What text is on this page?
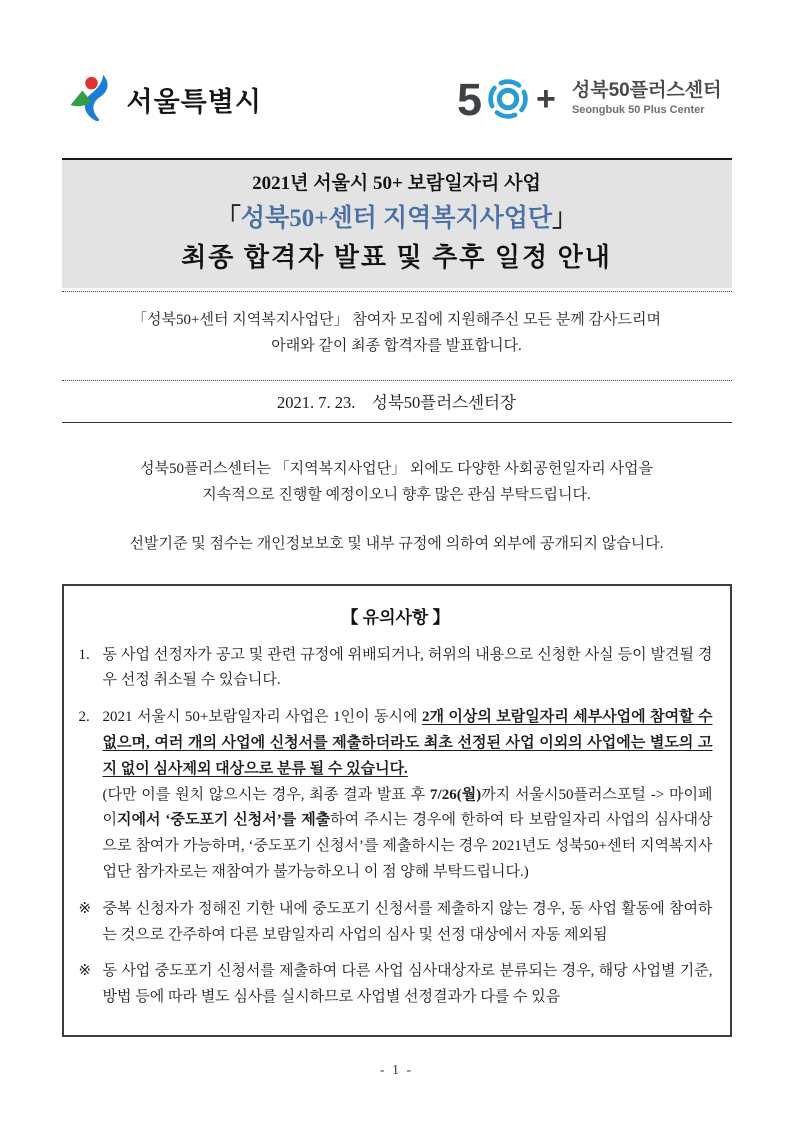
서울특별시	5 + 성북50플러스센터
Seongbuk 50 Plus Center
2021년 서울시 50+ 보람일자리 사업
「성북50+센터 지역복지사업단」
최종 합격자 발표 및 추후 일정 안내
「성북50+센터 지역복지사업단」 참여자 모집에 지원해주신 모든 분께 감사드리며
아래와 같이 최종 합격자를 발표합니다.
2021. 7. 23.    성북50플러스센터장
성북50플러스센터는 「지역복지사업단」 외에도 다양한 사회공헌일자리 사업을
지속적으로 진행할 예정이오니 향후 많은 관심 부탁드립니다.
선발기준 및 점수는 개인정보보호 및 내부 규정에 의하여 외부에 공개되지 않습니다.
【 유의사항 】
1. 동 사업 선정자가 공고 및 관련 규정에 위배되거나, 허위의 내용으로 신청한 사실 등이 발견될 경우 선정 취소될 수 있습니다.
2. 2021 서울시 50+보람일자리 사업은 1인이 동시에 2개 이상의 보람일자리 세부사업에 참여할 수 없으며, 여러 개의 사업에 신청서를 제출하더라도 최초 선정된 사업 이외의 사업에는 별도의 고지 없이 심사제외 대상으로 분류 될 수 있습니다.
(다만 이를 원치 않으시는 경우, 최종 결과 발표 후 7/26(월)까지 서울시50플러스포털 -> 마이페이지에서 ‘중도포기 신청서’를 제출하여 주시는 경우에 한하여 타 보람일자리 사업의 심사대상으로 참여가 가능하며, ‘중도포기 신청서’를 제출하시는 경우 2021년도 성북50+센터 지역복지사업단 참가자로는 재참여가 불가능하오니 이 점 양해 부탁드립니다.)
※ 중복 신청자가 정해진 기한 내에 중도포기 신청서를 제출하지 않는 경우, 동 사업 활동에 참여하는 것으로 간주하여 다른 보람일자리 사업의 심사 및 선정 대상에서 자동 제외됨
※ 동 사업 중도포기 신청서를 제출하여 다른 사업 심사대상자로 분류되는 경우, 해당 사업별 기준, 방법 등에 따라 별도 심사를 실시하므로 사업별 선정결과가 다를 수 있음
- 1 -
